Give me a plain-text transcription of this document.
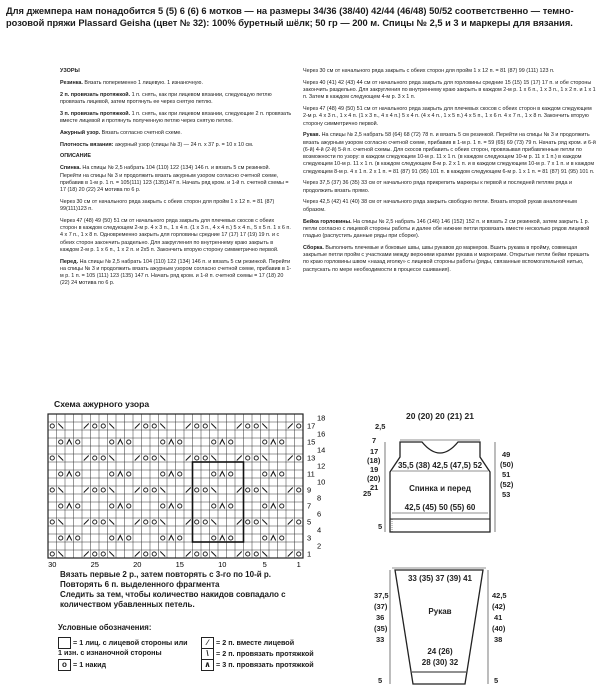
Для джемпера нам понадобится 5 (5) 6 (6) 6 мотков — на размеры 34/36 (38/40) 42/44 (46/48) 50/52 соответственно — темно-розовой пряжи Plassard Geisha (цвет № 32): 100% буретный шёлк; 50 гр — 200 м. Спицы № 2,5 и 3 и маркеры для вязания.

УЗОРЫ

Резинка. Вязать попеременно 1 лицевую. 1 изнаночную.

2 п. провязать протяжкой. 1 п. снять, как при лицевом вязании, следующую петлю провязать лицевой, затем протянуть ее через снятую петлю.

3 п. провязать протяжкой. 1 п. снять, как при лицевом вязании, следующие 2 п. провязать вместе лицевой и протянуть полученную петлю через снятую петлю.

Ажурный узор. Вязать согласно счетной схеме.

Плотность вязания: ажурный узор (спицы № 3) — 24 п. x 37 р. = 10 x 10 см.

ОПИСАНИЕ

Спинка. На спицы № 2,5 набрать 104 (110) 122 (134) 146 п. и вязать 5 см резинкой. Перейти на спицы № 3 и продолжить вязать ажурным узором согласно счетной схеме, прибавив в 1-м р. 1 п. = 105(111) 123 (135)147 п. Начать ряд кром. и 1-й п. счетной схемы = 17 (18) 20 (22) 24 мотива по 6 р.

Через 30 см от начального ряда закрыть с обеих сторон для пройм 1 x 12 п. = 81 (87) 99(111)123 п.

Через 47 (48) 49 (50) 51 см от начального ряда закрыть для плечевых скосов с обеих сторон в каждом следующем 2-м р. 4 x 3 п., 1 x 4 п. (1 x 3 п., 4 x 4 п.) 5 x 4 п., 5 x 5 п. 1 x 6 п. 4 x 7 п., 1 x 8 п. Одновременно закрыть для горловины средние 17 (17) 17 (19) 19 п. и с обеих сторон закончить раздельно. Для закругления по внутреннему краю закрыть в каждом 2-м р. 1 x 6 п., 1 x 2 п. и 2x5 п. Закончить вторую сторону симметрично первой.

Перед. На спицы № 2,5 набрать 104 (110) 122 (134) 146 п. и вязать 5 см резинкой. Перейти на спицы № 3 и продолжить вязать ажурным узором согласно счетной схеме, прибавив в 1-м р. 1 п. = 105 (111) 123 (135) 147 п. Начать ряд кром. и 1-й п. счетной схемы = 17 (18) 20 (22) 24 мотива по 6 р.

Через 30 см от начального ряда закрыть с обеих сторон для пройм 1 x 12 п. = 81 (87) 99 (111) 123 п.

Через 40 (41) 42 (43) 44 см от начального ряда закрыть для горловины средние 15 (15) 15 (17) 17 п. и обе стороны закончить раздельно. Для закругления по внутреннему краю закрыть в каждом 2-м р. 1 x 6 п., 1 x 3 п., 1 x 2 п. и 1 x 1 п. Затем в каждом следующем 4-м р. 3 x 1 п.

Через 47 (48) 49 (50) 51 см от начального ряда закрыть для плечевых скосов с обеих сторон в каждом следующем 2-м р. 4 x 3 п., 1 x 4 п. (1 x 3 п., 4 x 4 п.) 5 x 4 п. (4 x 4 п., 1 x 5 п.) 4 x 5 п., 1 x 6 п. 4 x 7 п., 1 x 8 п. Закончить вторую сторону симметрично первой.

Рукав. На спицы № 2,5 набрать 58 (64) 68 (72) 78 п. и вязать 5 см резинкой. Перейти на спицы № 3 и продолжить вязать ажурным узором согласно счетной схеме, прибавив в 1-м р. 1 п. = 59 (65) 69 (73) 79 п. Начать ряд кром. и 6-й (6-й) 4-й (2-й) 5-й п. счетной схемы. Для скосов прибавить с обеих сторон, провязывая прибавленные петли по возможности по узору: в каждом следующем 10-м р. 11 x 1 п. (в каждом следующем 10-м р. 11 x 1 п.) в каждом следующем 10-м р. 11 x 1 п. (в каждом следующем 8-м р. 2 x 1 п. и в каждом следующем 10-м р. 7 x 1 п. и в каждом следующем 8-м р. 4 x 1 п. 2 x 1 п. = 81 (87) 91 (95) 101 п. в каждом следующем 6-м р. 1 x 1 п. = 81 (87) 91 (95) 101 п.

Через 37,5 (37) 36 (35) 33 см от начального ряда прикрепить маркеры к первой и последней петлям ряда и продолжить вязать прямо.

Через 42,5 (42) 41 (40) 38 см от начального ряда закрыть свободно петли. Вязать второй рукав аналогичным образом.

Бейка горловины. На спицы № 2,5 набрать 146 (146) 146 (152) 152 п. и вязать 2 см резинкой, затем закрыть 1 р. петли согласно с лицевой стороны работы и далее обе нижние петли провязать вместе несколько рядов лицевой гладью (распустить данные ряды при сборке).

Сборка. Выполнить плечевые и боковые швы, швы рукавов до маркеров. Вшить рукава в пройму, совмещая закрытые петли пройм с участками между верхними краями рукава и маркерами. Открытые петли бейки пришить по краю горловины швом «назад иголку» с лицевой стороны работы (ряды, связанные вспомогательной нитью, распускать по мере необходимости в процессе сшивания).

Схема ажурного узора
17
15
13
11
9
7
5
3
1
18
16
14
12
10
8
6
4
2
30	25	20	15	10	5	1
Вязать первые 2 р., затем повторять с 3-го по 10-й р.
Повторять 6 п. выделенного фрагмента
Следить за тем, чтобы количество накидов совпадало с количеством убавленных петель.
Условные обозначения:
= 1 лиц. с лицевой стороны или
1 изн. с изнаночной стороны
o = 1 накид
∕ = 2 п. вместе лицевой
\ = 2 п. провязать протяжкой
∧ = 3 п. провязать протяжкой
20 (20) 20 (21) 21
2,5
7
17
(18)
19
(20)
21
35,5 (38) 42,5 (47,5) 52
Спинка и перед
25
49
(50)
51
(52)
53
42,5 (45) 50 (55) 60
5
33 (35) 37 (39) 41
Рукав
37,5
(37)
36
(35)
33
42,5
(42)
41
(40)
38
24 (26)
28 (30) 32
5	5
